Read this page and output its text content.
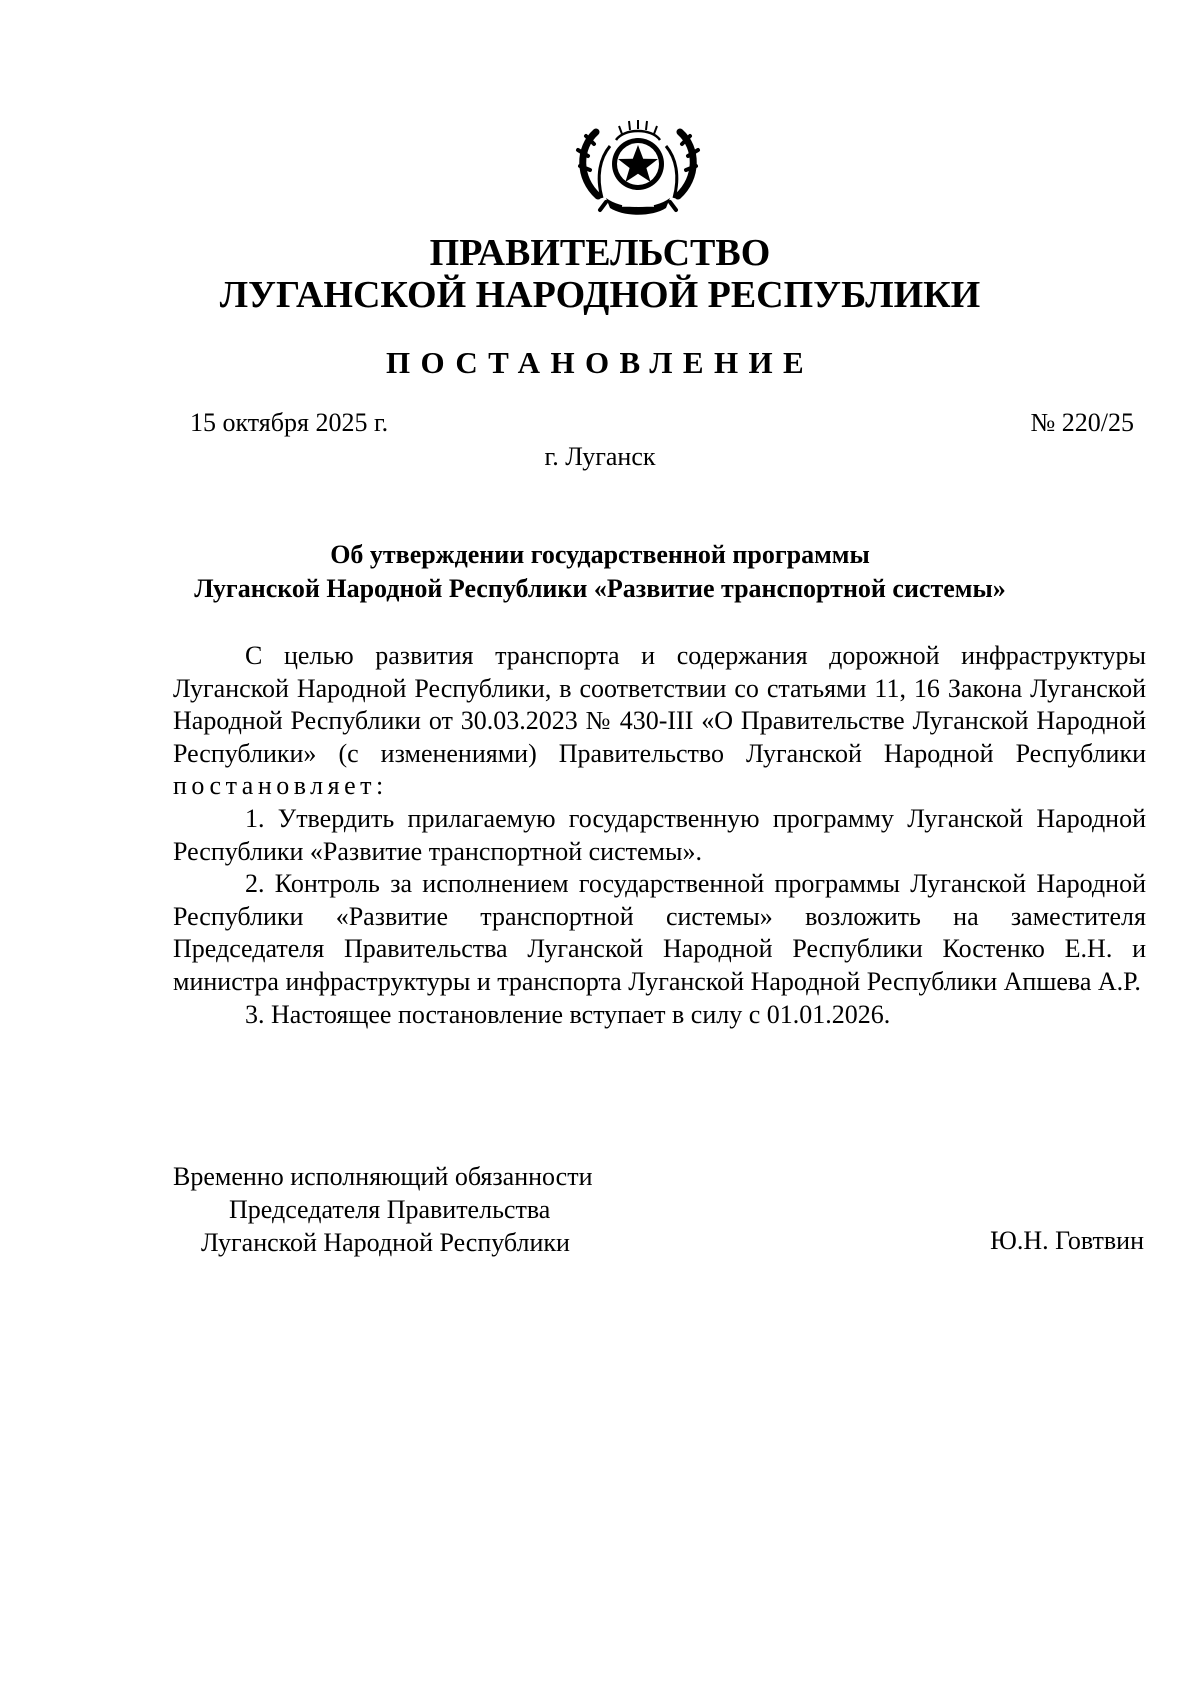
ПРАВИТЕЛЬСТВО
ЛУГАНСКОЙ НАРОДНОЙ РЕСПУБЛИКИ
ПОСТАНОВЛЕНИЕ
15 октября 2025 г.	№ 220/25
г. Луганск
Об утверждении государственной программы
Луганской Народной Республики «Развитие транспортной системы»

С целью развития транспорта и содержания дорожной инфраструктуры Луганской Народной Республики, в соответствии со статьями 11, 16 Закона Луганской Народной Республики от 30.03.2023 № 430-III «О Правительстве Луганской Народной Республики» (с изменениями) Правительство Луганской Народной Республики постановляет:

1. Утвердить прилагаемую государственную программу Луганской Народной Республики «Развитие транспортной системы».

2. Контроль за исполнением государственной программы Луганской Народной Республики «Развитие транспортной системы» возложить на заместителя Председателя Правительства Луганской Народной Республики Костенко Е.Н. и министра инфраструктуры и транспорта Луганской Народной Республики Апшева А.Р.

3. Настоящее постановление вступает в силу с 01.01.2026.

Временно исполняющий обязанности
Председателя Правительства
Луганской Народной Республики	Ю.Н. Говтвин
